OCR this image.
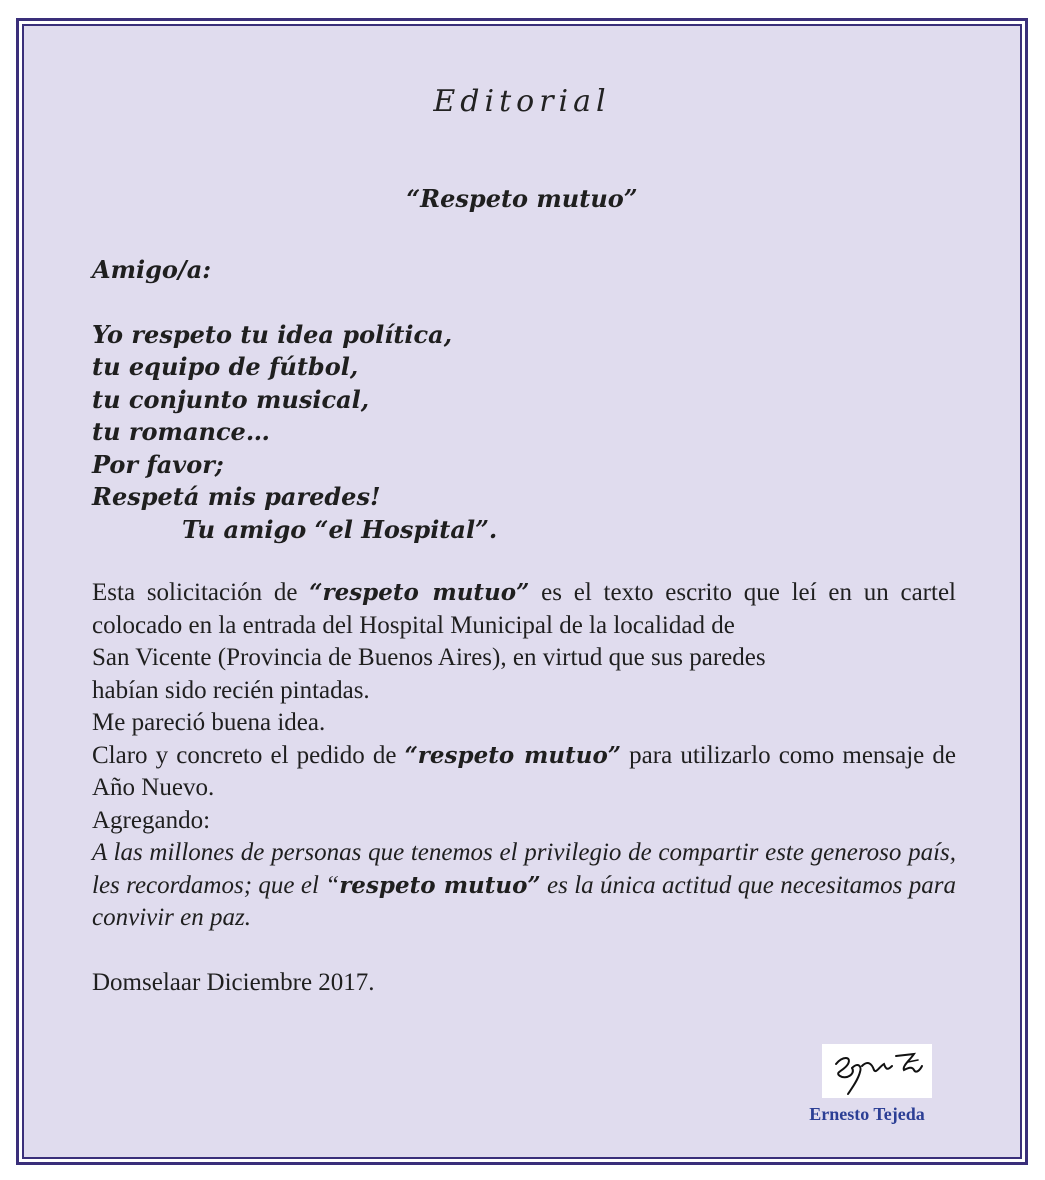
Editorial
“Respeto mutuo”
Amigo/a:
Yo respeto tu idea política,
tu equipo de fútbol,
tu conjunto musical,
tu romance…
Por favor;
Respetá mis paredes!
Tu amigo “el Hospital”.

Esta solicitación de “respeto mutuo” es el texto escrito que leí en un cartel colocado en la entrada del Hospital Municipal de la localidad de

San Vicente (Provincia de Buenos Aires), en virtud que sus paredes

habían sido recién pintadas.

Me pareció buena idea.

Claro y concreto el pedido de “respeto mutuo” para utilizarlo como mensaje de Año Nuevo.

Agregando:

A las millones de personas que tenemos el privilegio de compartir este generoso país, les recordamos; que el “respeto mutuo” es la única actitud que necesitamos para convivir en paz.

Domselaar Diciembre 2017.
Ernesto Tejeda
